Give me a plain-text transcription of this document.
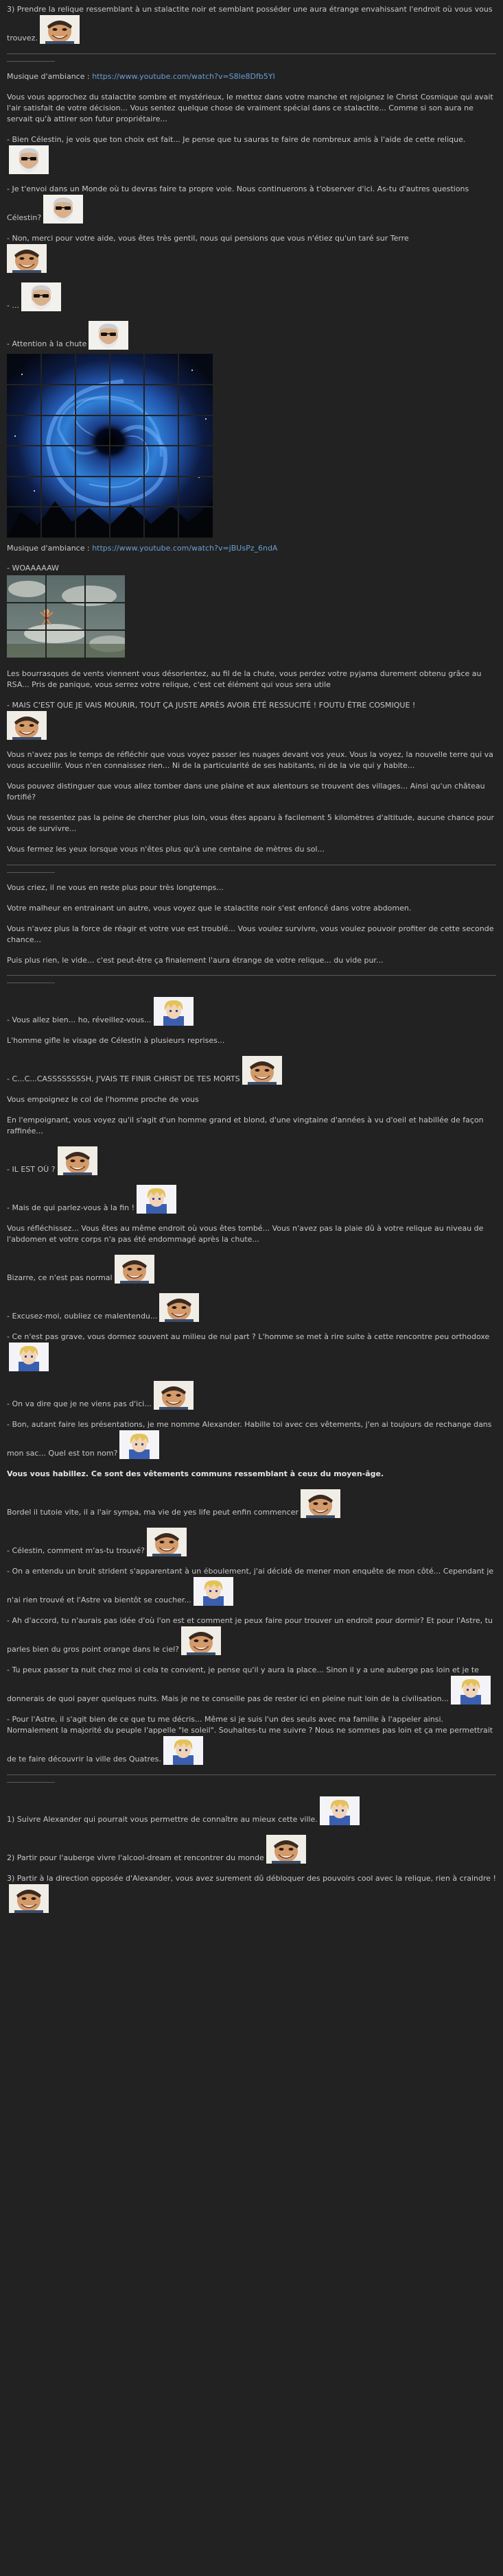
3) Prendre la relique ressemblant à un stalactite noir et semblant posséder une aura étrange envahissant l'endroit où vous vous trouvez.

Musique d'ambiance : https://www.youtube.com/watch?v=S8le8Dfb5YI

Vous vous approchez du stalactite sombre et mystérieux, le mettez dans votre manche et rejoignez le Christ Cosmique qui avait l'air satisfait de votre décision... Vous sentez quelque chose de vraiment spécial dans ce stalactite... Comme si son aura ne servait qu'à attirer son futur propriétaire...

- Bien Célestin, je vois que ton choix est fait... Je pense que tu sauras te faire de nombreux amis à l'aide de cette relique.

- Je t'envoi dans un Monde où tu devras faire ta propre voie. Nous continuerons à t'observer d'ici. As-tu d'autres questions Célestin?

- Non, merci pour votre aide, vous êtes très gentil, nous qui pensions que vous n'étiez qu'un taré sur Terre

- ...

- Attention à la chute

Musique d'ambiance : https://www.youtube.com/watch?v=jBUsPz_6ndA

- WOAAAAAW

Les bourrasques de vents viennent vous désorientez, au fil de la chute, vous perdez votre pyjama durement obtenu grâce au RSA... Pris de panique, vous serrez votre relique, c'est cet élément qui vous sera utile

- MAIS C'EST QUE JE VAIS MOURIR, TOUT ÇA JUSTE APRÈS AVOIR ÉTÉ RESSUCITÉ ! FOUTU ÊTRE COSMIQUE !

Vous n'avez pas le temps de réfléchir que vous voyez passer les nuages devant vos yeux. Vous la voyez, la nouvelle terre qui va vous accueillir. Vous n'en connaissez rien... Ni de la particularité de ses habitants, ni de la vie qui y habite...

Vous pouvez distinguer que vous allez tomber dans une plaine et aux alentours se trouvent des villages... Ainsi qu'un château fortifié?

Vous ne ressentez pas la peine de chercher plus loin, vous êtes apparu à facilement 5 kilomètres d'altitude, aucune chance pour vous de survivre...

Vous fermez les yeux lorsque vous n'êtes plus qu'à une centaine de mètres du sol...

Vous criez, il ne vous en reste plus pour très longtemps...

Votre malheur en entrainant un autre, vous voyez que le stalactite noir s'est enfoncé dans votre abdomen.

Vous n'avez plus la force de réagir et votre vue est troublé... Vous voulez survivre, vous voulez pouvoir profiter de cette seconde chance...

Puis plus rien, le vide... c'est peut-être ça finalement l'aura étrange de votre relique... du vide pur...

- Vous allez bien... ho, réveillez-vous...

L'homme gifle le visage de Célestin à plusieurs reprises...

- C...C...CASSSSSSSSH, J'VAIS TE FINIR CHRIST DE TES MORTS

Vous empoignez le col de l'homme proche de vous

En l'empoignant, vous voyez qu'il s'agit d'un homme grand et blond, d'une vingtaine d'années à vu d'oeil et habillée de façon raffinée...

- IL EST OÙ ?

- Mais de qui parlez-vous à la fin !

Vous réfléchissez... Vous êtes au même endroit où vous êtes tombé... Vous n'avez pas la plaie dû à votre relique au niveau de l'abdomen et votre corps n'a pas été endommagé après la chute...

Bizarre, ce n'est pas normal

- Excusez-moi, oubliez ce malentendu...

- Ce n'est pas grave, vous dormez souvent au milieu de nul part ? L'homme se met à rire suite à cette rencontre peu orthodoxe

- On va dire que je ne viens pas d'ici...

- Bon, autant faire les présentations, je me nomme Alexander. Habille toi avec ces vêtements, j'en ai toujours de rechange dans mon sac... Quel est ton nom?

Vous vous habillez. Ce sont des vêtements communs ressemblant à ceux du moyen-âge.

Bordel il tutoie vite, il a l'air sympa, ma vie de yes life peut enfin commencer

- Célestin, comment m'as-tu trouvé?

- On a entendu un bruit strident s'apparentant à un éboulement, j'ai décidé de mener mon enquête de mon côté... Cependant je n'ai rien trouvé et l'Astre va bientôt se coucher...

- Ah d'accord, tu n'aurais pas idée d'où l'on est et comment je peux faire pour trouver un endroit pour dormir? Et pour l'Astre, tu parles bien du gros point orange dans le ciel?

- Tu peux passer ta nuit chez moi si cela te convient, je pense qu'il y aura la place... Sinon il y a une auberge pas loin et je te donnerais de quoi payer quelques nuits. Mais je ne te conseille pas de rester ici en pleine nuit loin de la civilisation...

- Pour l'Astre, il s'agit bien de ce que tu me décris... Même si je suis l'un des seuls avec ma famille à l'appeler ainsi. Normalement la majorité du peuple l'appelle "le soleil". Souhaites-tu me suivre ? Nous ne sommes pas loin et ça me permettrait de te faire découvrir la ville des Quatres.

1) Suivre Alexander qui pourrait vous permettre de connaître au mieux cette ville.

2) Partir pour l'auberge vivre l'alcool-dream et rencontrer du monde

3) Partir à la direction opposée d'Alexander, vous avez surement dû débloquer des pouvoirs cool avec la relique, rien à craindre !
